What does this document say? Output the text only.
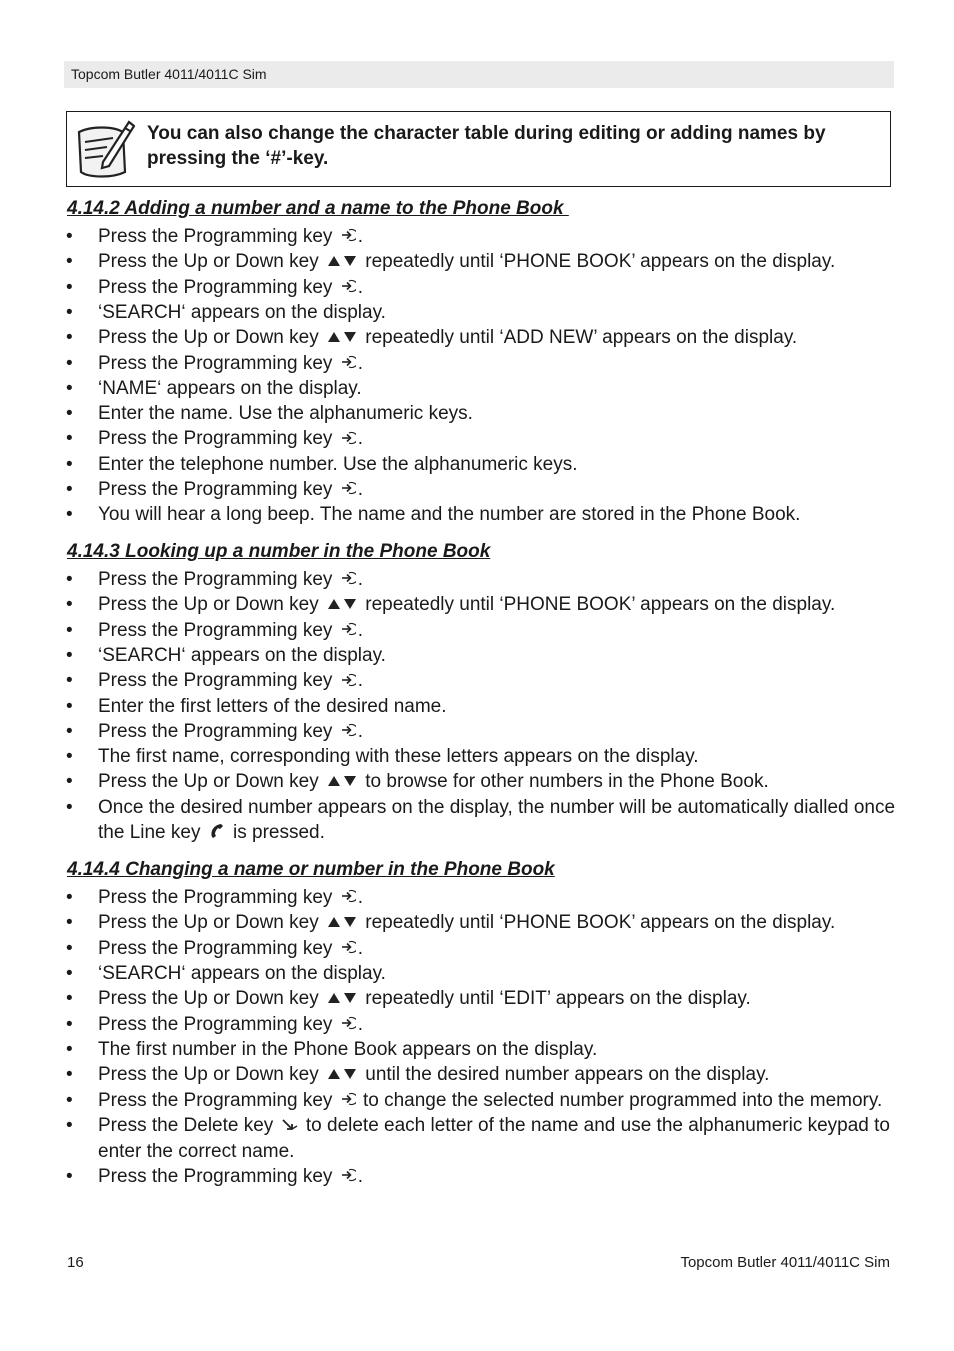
Topcom Butler 4011/4011C Sim
You can also change the character table during editing or adding names by pressing the ‘#’-key.
4.14.2 Adding a number and a name to the Phone Book
• Press the Programming key .
• Press the Up or Down key  repeatedly until ‘PHONE BOOK’ appears on the display.
• Press the Programming key .
• ‘SEARCH‘ appears on the display.
• Press the Up or Down key  repeatedly until ‘ADD NEW’ appears on the display.
• Press the Programming key .
• ‘NAME‘ appears on the display.
• Enter the name. Use the alphanumeric keys.
• Press the Programming key .
• Enter the telephone number. Use the alphanumeric keys.
• Press the Programming key .
• You will hear a long beep. The name and the number are stored in the Phone Book.
4.14.3 Looking up a number in the Phone Book
• Press the Programming key .
• Press the Up or Down key  repeatedly until ‘PHONE BOOK’ appears on the display.
• Press the Programming key .
• ‘SEARCH‘ appears on the display.
• Press the Programming key .
• Enter the first letters of the desired name.
• Press the Programming key .
• The first name, corresponding with these letters appears on the display.
• Press the Up or Down key  to browse for other numbers in the Phone Book.
• Once the desired number appears on the display, the number will be automatically dialled once the Line key  is pressed.
4.14.4 Changing a name or number in the Phone Book
• Press the Programming key .
• Press the Up or Down key  repeatedly until ‘PHONE BOOK’ appears on the display.
• Press the Programming key .
• ‘SEARCH‘ appears on the display.
• Press the Up or Down key  repeatedly until ‘EDIT’ appears on the display.
• Press the Programming key .
• The first number in the Phone Book appears on the display.
• Press the Up or Down key  until the desired number appears on the display.
• Press the Programming key  to change the selected number programmed into the memory.
• Press the Delete key  to delete each letter of the name and use the alphanumeric keypad to enter the correct name.
• Press the Programming key .
16	Topcom Butler 4011/4011C Sim
